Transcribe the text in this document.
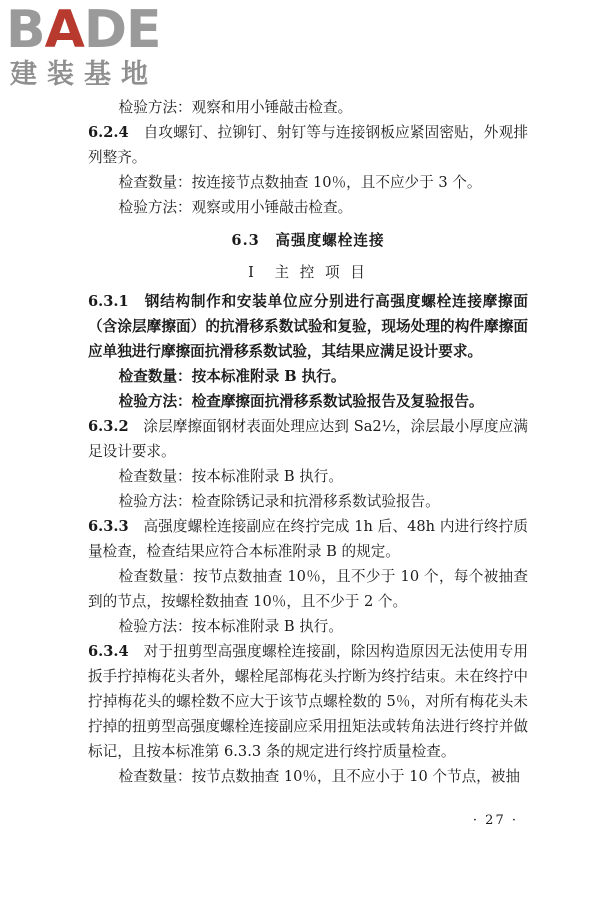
BADE
建装基地

检验方法：观察和用小锤敲击检查。

6.2.4　 自攻螺钉、拉铆钉、射钉等与连接钢板应紧固密贴，外观排列整齐。

检查数量：按连接节点数抽查 10％，且不应少于 3 个。

检验方法：观察或用小锤敲击检查。

6.3　高强度螺栓连接

Ⅰ　主 控 项 目

6.3.1　 钢结构制作和安装单位应分别进行高强度螺栓连接摩擦面（含涂层摩擦面）的抗滑移系数试验和复验，现场处理的构件摩擦面应单独进行摩擦面抗滑移系数试验，其结果应满足设计要求。

检查数量：按本标准附录 B 执行。

检验方法：检查摩擦面抗滑移系数试验报告及复验报告。

6.3.2　 涂层摩擦面钢材表面处理应达到 Sa2½，涂层最小厚度应满足设计要求。

检查数量：按本标准附录 B 执行。

检验方法：检查除锈记录和抗滑移系数试验报告。

6.3.3　 高强度螺栓连接副应在终拧完成 1h 后、48h 内进行终拧质量检查，检查结果应符合本标准附录 B 的规定。

检查数量：按节点数抽查 10％，且不少于 10 个，每个被抽查到的节点，按螺栓数抽查 10％，且不少于 2 个。

检验方法：按本标准附录 B 执行。

6.3.4　 对于扭剪型高强度螺栓连接副，除因构造原因无法使用专用扳手拧掉梅花头者外，螺栓尾部梅花头拧断为终拧结束。未在终拧中拧掉梅花头的螺栓数不应大于该节点螺栓数的 5％，对所有梅花头未拧掉的扭剪型高强度螺栓连接副应采用扭矩法或转角法进行终拧并做标记，且按本标准第 6.3.3 条的规定进行终拧质量检查。

检查数量：按节点数抽查 10％，且不应小于 10 个节点，被抽

· 27 ·
